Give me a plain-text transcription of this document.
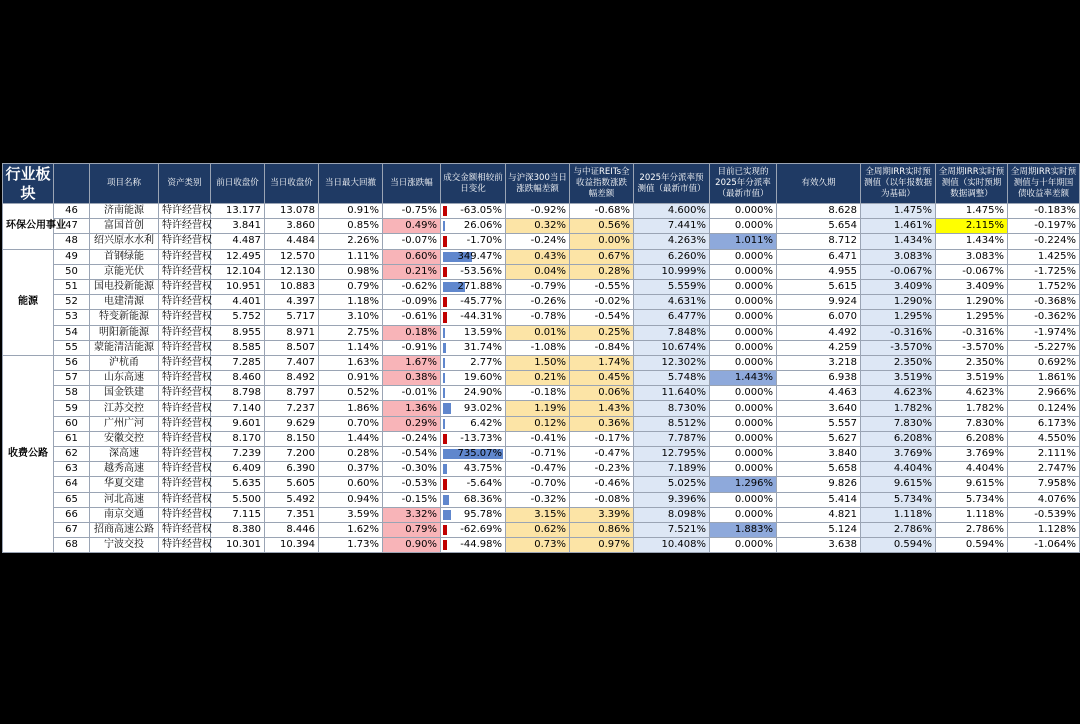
行业板块		项目名称	资产类别	前日收盘价	当日收盘价	当日最大回撤	当日涨跌幅	成交金额相较前日变化	与沪深300当日涨跌幅差额	与中证REITs全收益指数涨跌幅差额	2025年分派率预测值（最新市值）	目前已实现的2025年分派率（最新市值）	有效久期	全周期IRR实时预测值（以年报数据为基础）	全周期IRR实时预测值（实时预期数据调整）	全周期IRR实时预测值与十年期国债收益率差额
环保公用事业	46	济南能源	特许经营权	13.177	13.078	0.91%	-0.75%	-63.05%	-0.92%	-0.68%	4.600%	0.000%	8.628	1.475%	1.475%	-0.183%
	47	富国首创	特许经营权	3.841	3.860	0.85%	0.49%	26.06%	0.32%	0.56%	7.441%	0.000%	5.654	1.461%	2.115%	-0.197%
	48	绍兴原水水利	特许经营权	4.487	4.484	2.26%	-0.07%	-1.70%	-0.24%	0.00%	4.263%	1.011%	8.712	1.434%	1.434%	-0.224%
能源	49	首钢绿能	特许经营权	12.495	12.570	1.11%	0.60%	349.47%	0.43%	0.67%	6.260%	0.000%	6.471	3.083%	3.083%	1.425%
	50	京能光伏	特许经营权	12.104	12.130	0.98%	0.21%	-53.56%	0.04%	0.28%	10.999%	0.000%	4.955	-0.067%	-0.067%	-1.725%
	51	国电投新能源	特许经营权	10.951	10.883	0.79%	-0.62%	271.88%	-0.79%	-0.55%	5.559%	0.000%	5.615	3.409%	3.409%	1.752%
	52	电建清源	特许经营权	4.401	4.397	1.18%	-0.09%	-45.77%	-0.26%	-0.02%	4.631%	0.000%	9.924	1.290%	1.290%	-0.368%
	53	特变新能源	特许经营权	5.752	5.717	3.10%	-0.61%	-44.31%	-0.78%	-0.54%	6.477%	0.000%	6.070	1.295%	1.295%	-0.362%
	54	明阳新能源	特许经营权	8.955	8.971	2.75%	0.18%	13.59%	0.01%	0.25%	7.848%	0.000%	4.492	-0.316%	-0.316%	-1.974%
	55	蒙能清洁能源	特许经营权	8.585	8.507	1.14%	-0.91%	31.74%	-1.08%	-0.84%	10.674%	0.000%	4.259	-3.570%	-3.570%	-5.227%
收费公路	56	沪杭甬	特许经营权	7.285	7.407	1.63%	1.67%	2.77%	1.50%	1.74%	12.302%	0.000%	3.218	2.350%	2.350%	0.692%
	57	山东高速	特许经营权	8.460	8.492	0.91%	0.38%	19.60%	0.21%	0.45%	5.748%	1.443%	6.938	3.519%	3.519%	1.861%
	58	国金铁建	特许经营权	8.798	8.797	0.52%	-0.01%	24.90%	-0.18%	0.06%	11.640%	0.000%	4.463	4.623%	4.623%	2.966%
	59	江苏交控	特许经营权	7.140	7.237	1.86%	1.36%	93.02%	1.19%	1.43%	8.730%	0.000%	3.640	1.782%	1.782%	0.124%
	60	广州广河	特许经营权	9.601	9.629	0.70%	0.29%	6.42%	0.12%	0.36%	8.512%	0.000%	5.557	7.830%	7.830%	6.173%
	61	安徽交控	特许经营权	8.170	8.150	1.44%	-0.24%	-13.73%	-0.41%	-0.17%	7.787%	0.000%	5.627	6.208%	6.208%	4.550%
	62	深高速	特许经营权	7.239	7.200	0.28%	-0.54%	735.07%	-0.71%	-0.47%	12.795%	0.000%	3.840	3.769%	3.769%	2.111%
	63	越秀高速	特许经营权	6.409	6.390	0.37%	-0.30%	43.75%	-0.47%	-0.23%	7.189%	0.000%	5.658	4.404%	4.404%	2.747%
	64	华夏交建	特许经营权	5.635	5.605	0.60%	-0.53%	-5.64%	-0.70%	-0.46%	5.025%	1.296%	9.826	9.615%	9.615%	7.958%
	65	河北高速	特许经营权	5.500	5.492	0.94%	-0.15%	68.36%	-0.32%	-0.08%	9.396%	0.000%	5.414	5.734%	5.734%	4.076%
	66	南京交通	特许经营权	7.115	7.351	3.59%	3.32%	95.78%	3.15%	3.39%	8.098%	0.000%	4.821	1.118%	1.118%	-0.539%
	67	招商高速公路	特许经营权	8.380	8.446	1.62%	0.79%	-62.69%	0.62%	0.86%	7.521%	1.883%	5.124	2.786%	2.786%	1.128%
	68	宁波交投	特许经营权	10.301	10.394	1.73%	0.90%	-44.98%	0.73%	0.97%	10.408%	0.000%	3.638	0.594%	0.594%	-1.064%
